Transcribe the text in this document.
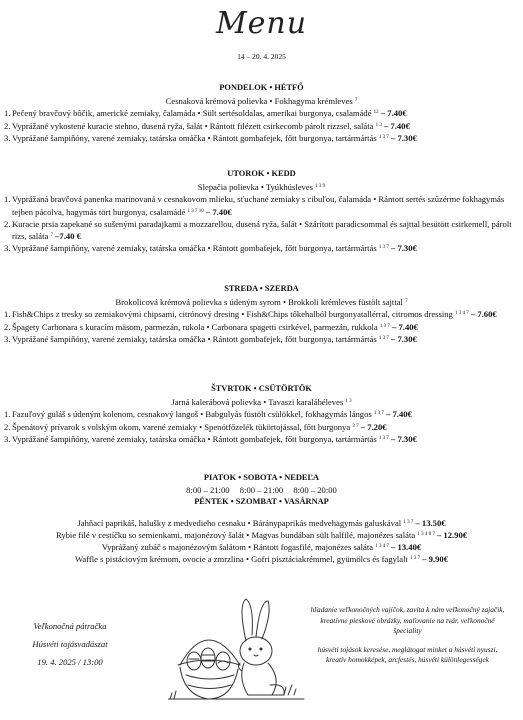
Menu
14 – 20. 4. 2025
PONDELOK • HÉTFŐ
Cesnaková krémová polievka • Fokhagyma krémleves $^7$
1. Pečený bravčový bôčik, americké zemiaky, čalamáda • Sült sertésoldalas, amerikai burgonya, csalamádé $^{12}$ – 7.40€
2. Vyprážané vykostené kuracie stehno, dusená ryža, šalát • Rántott filézett csirkecomb párolt rizzsel, saláta $^{1 3}$ – 7.40€
3. Vyprážané šampiňóny, varené zemiaky, tatárska omáčka • Rántott gombafejek, főtt burgonya, tartármártás $^{1 3 7}$ – 7.30€
UTOROK • KEDD
Slepačia polievka • Tyúkhúsleves $^{1 3 9}$
1. Vyprážaná bravčová panenka marinovaná v cesnakovom mlieku, sťuchané zemiaky s cibuľou, čalamáda • Rántott sertés szűzérme fokhagymás tejben pácolva, hagymás tört burgonya, csalamádé $^{1 3 7 10}$ – 7.40€
2. Kuracie prsia zapekané so sušenými paradajkami a mozzarellou, dusená ryža, šalát • Szárított paradicsommal és sajttal besütött csirkemell, párolt rizs, saláta $^7$ –7.40 €
3. Vyprážané šampiňóny, varené zemiaky, tatárska omáčka • Rántott gombafejek, főtt burgonya, tartármártás $^{1 3 7}$ – 7.30€
STREDA • SZERDA
Brokolicová krémová polievka s údeným syrom • Brokkoli krémleves füstölt sajttal $^7$
1. Fish&Chips z tresky so zemiakovými chipsami, citrónový dresing • Fish&Chips tőkehalból burgonyatallérral, citromos dressing $^{1 3 4 7}$ – 7.60€
2. Špagety Carbonara s kuracím mäsom, parmezán, rukola • Carbonara spagetti csirkével, parmezán, rukkola $^{1 3 7}$ – 7.40€
3. Vyprážané šampiňóny, varené zemiaky, tatárska omáčka • Rántott gombafejek, főtt burgonya, tartármártás $^{1 3 7}$ – 7.30€
ŠTVRTOK • CSÜTÖRTÖK
Jarná kalerábová polievka • Tavaszi karalábéleves $^{1 3}$
1. Fazuľový guláš s údeným kolenom, cesnakový langoš • Babgulyás füstölt csülökkel, fokhagymás lángos $^{1 3 7}$ – 7.40€
2. Špenátový prívarok s volským okom, varené zemiaky • Spenótfőzelék tükörtojással, főtt burgonya $^{3 7}$ – 7.20€
3. Vyprážané šampiňóny, varené zemiaky, tatárska omáčka • Rántott gombafejek, főtt burgonya, tartármártás $^{1 3 7}$ – 7.30€
PIATOK • SOBOTA • NEDEĽA
8:00 – 21:00 8:00 – 21:00 8:00 – 20:00
PÉNTEK • SZOMBAT • VASÁRNAP
Jahňací paprikáš, halušky z medvedieho cesnaku • Báránypaprikás medvehagymás galuskával $^{1 3 7}$ – 13.50€
Rybie filé v cestíčku so semienkami, majonézový šalát • Magvas bundában sült halfilé, majonézes saláta $^{1 3 4 8 7}$ – 12.90€
Vyprážaný zubáč s majonézovým šalátom • Rántott fogasfilé, majonézes saláta $^{1 3 4 7}$ – 13.40€
Waffle s pistáciovým krémom, ovocie a zmrzlina • Gofri pisztáciakrémmel, gyümölcs és fagylalt $^{1 3 7}$ – 9.90€
Veľkonočná pátračka
Húsvéti tojásvadászat
19. 4. 2025 / 13:00
hľadanie veľkonočných vajíčok, zavíta k nám veľkonočný zajačik, kreatívne pieskové obrázky, maľovanie na tvár, veľkonočné špeciality
húsvéti tojások keresése, meglátogat minket a húsvéti nyuszi, kreatív homokképek, arcfestés, húsvéti különlegességek
